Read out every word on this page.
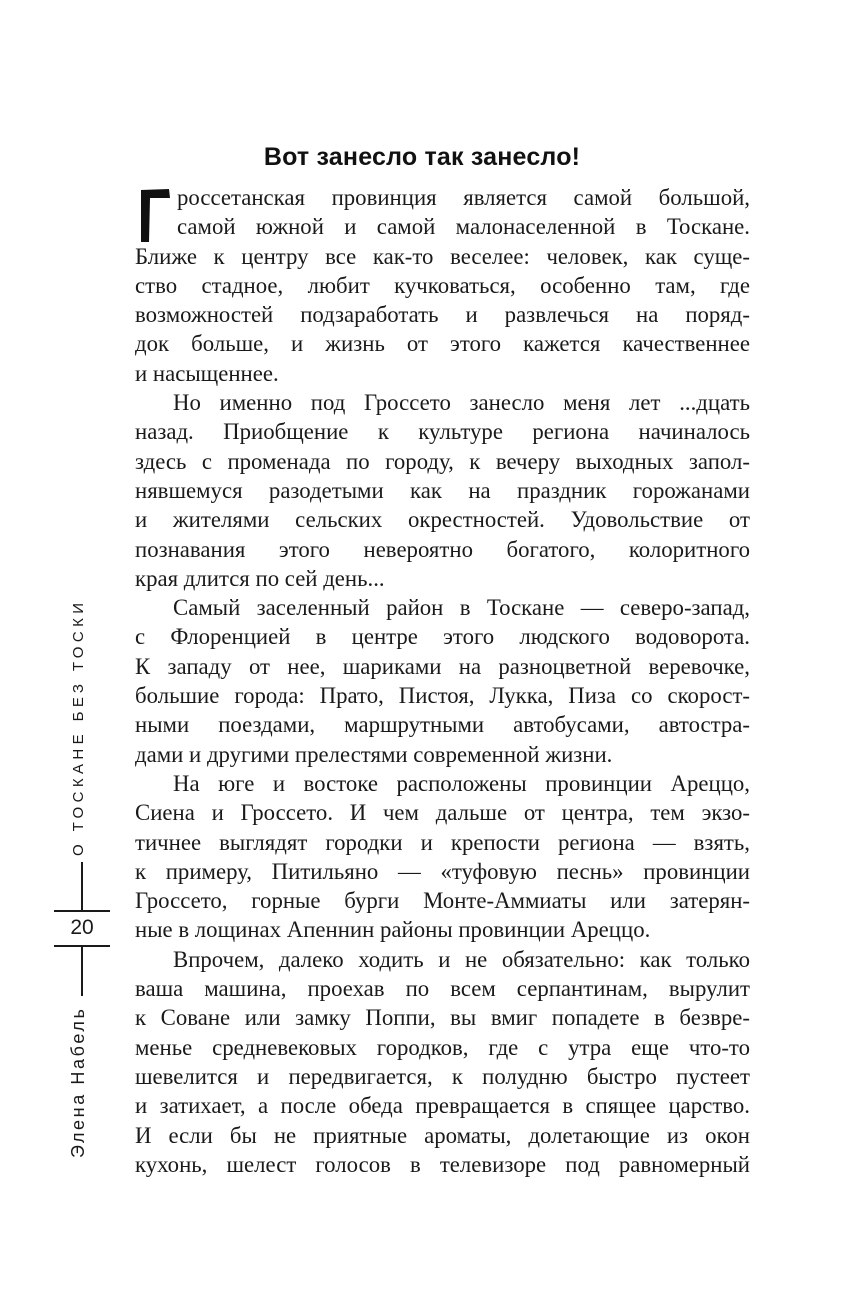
Вот занесло так занесло!
россетанская провинция является самой большой,
самой южной и самой малонаселенной в Тоскане.
Ближе к центру все как-то веселее: человек, как суще-
ство стадное, любит кучковаться, особенно там, где
возможностей подзаработать и развлечься на поряд-
док больше, и жизнь от этого кажется качественнее
и насыщеннее.
Но именно под Гроссето занесло меня лет ...дцать
назад. Приобщение к культуре региона начиналось
здесь с променада по городу, к вечеру выходных запол-
нявшемуся разодетыми как на праздник горожанами
и жителями сельских окрестностей. Удовольствие от
познавания этого невероятно богатого, колоритного
края длится по сей день...
Самый заселенный район в Тоскане — северо-запад,
с Флоренцией в центре этого людского водоворота.
К западу от нее, шариками на разноцветной веревочке,
большие города: Прато, Пистоя, Лукка, Пиза со скорост-
ными поездами, маршрутными автобусами, автостра-
дами и другими прелестями современной жизни.
На юге и востоке расположены провинции Ареццо,
Сиена и Гроссето. И чем дальше от центра, тем экзо-
тичнее выглядят городки и крепости региона — взять,
к примеру, Питильяно — «туфовую песнь» провинции
Гроссето, горные бурги Монте-Аммиаты или затерян-
ные в лощинах Апеннин районы провинции Ареццо.
Впрочем, далеко ходить и не обязательно: как только
ваша машина, проехав по всем серпантинам, вырулит
к Соване или замку Поппи, вы вмиг попадете в безвре-
менье средневековых городков, где с утра еще что-то
шевелится и передвигается, к полудню быстро пустеет
и затихает, а после обеда превращается в спящее царство.
И если бы не приятные ароматы, долетающие из окон
кухонь, шелест голосов в телевизоре под равномерный
О ТОСКАНЕ БЕЗ ТОСКИ
20
Элена Набель
